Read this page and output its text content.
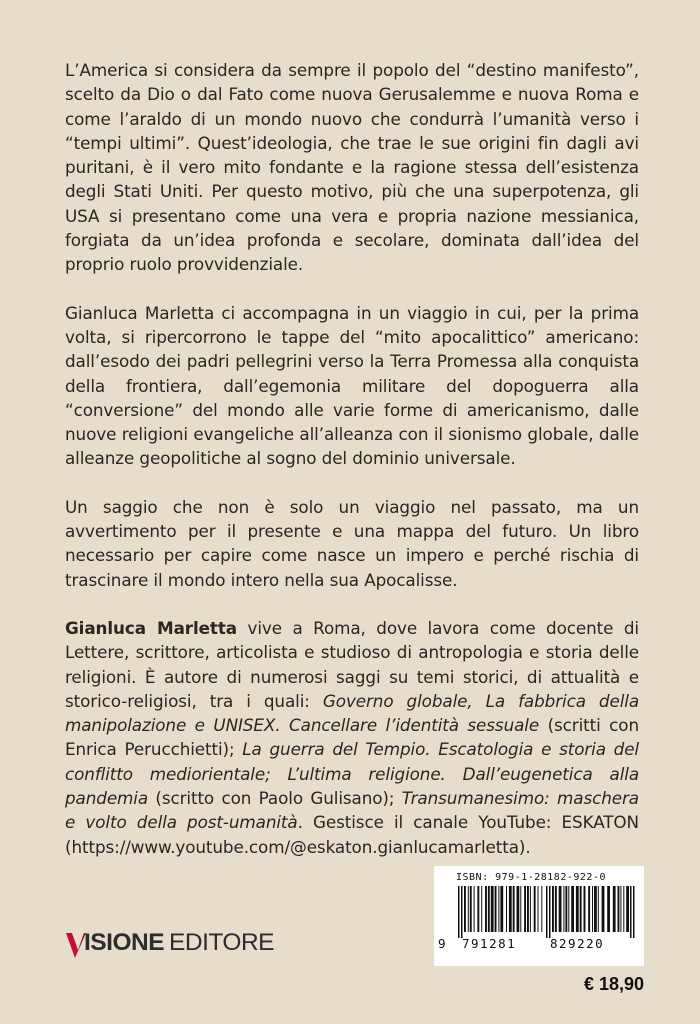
L’America si considera da sempre il popolo del “destino manifesto”, scelto da Dio o dal Fato come nuova Gerusalemme e nuova Roma e come l’araldo di un mondo nuovo che condurrà l’umanità verso i “tempi ultimi”. Quest’ideologia, che trae le sue origini fin dagli avi puritani, è il vero mito fondante e la ragione stessa dell’esistenza degli Stati Uniti. Per questo motivo, più che una superpotenza, gli USA si presentano come una vera e propria nazione messianica, forgiata da un’idea profonda e secolare, dominata dall’idea del proprio ruolo provvidenziale.

Gianluca Marletta ci accompagna in un viaggio in cui, per la prima volta, si ripercorrono le tappe del “mito apocalittico” americano: dall’esodo dei padri pellegrini verso la Terra Promessa alla conquista della frontiera, dall’egemonia militare del dopoguerra alla “conversione” del mondo alle varie forme di americanismo, dalle nuove religioni evangeliche all’alleanza con il sionismo globale, dalle alleanze geopolitiche al sogno del dominio universale.

Un saggio che non è solo un viaggio nel passato, ma un avvertimento per il presente e una mappa del futuro. Un libro necessario per capire come nasce un impero e perché rischia di trascinare il mondo intero nella sua Apocalisse.

Gianluca Marletta vive a Roma, dove lavora come docente di Lettere, scrittore, articolista e studioso di antropologia e storia delle religioni. È autore di numerosi saggi su temi storici, di attualità e storico-religiosi, tra i quali: Governo globale, La fabbrica della manipolazione e UNISEX. Cancellare l’identità sessuale (scritti con Enrica Perucchietti); La guerra del Tempio. Escatologia e storia del conflitto mediorientale; L’ultima religione. Dall’eugenetica alla pandemia (scritto con Paolo Gulisano); Transumanesimo: maschera e volto della post-umanità. Gestisce il canale YouTube: ESKATON (https://www.youtube.com/@eskaton.gianlucamarletta).

ISIONE EDITORE
ISBN: 979-1-28182-922-0
9 791281	829220
€ 18,90
